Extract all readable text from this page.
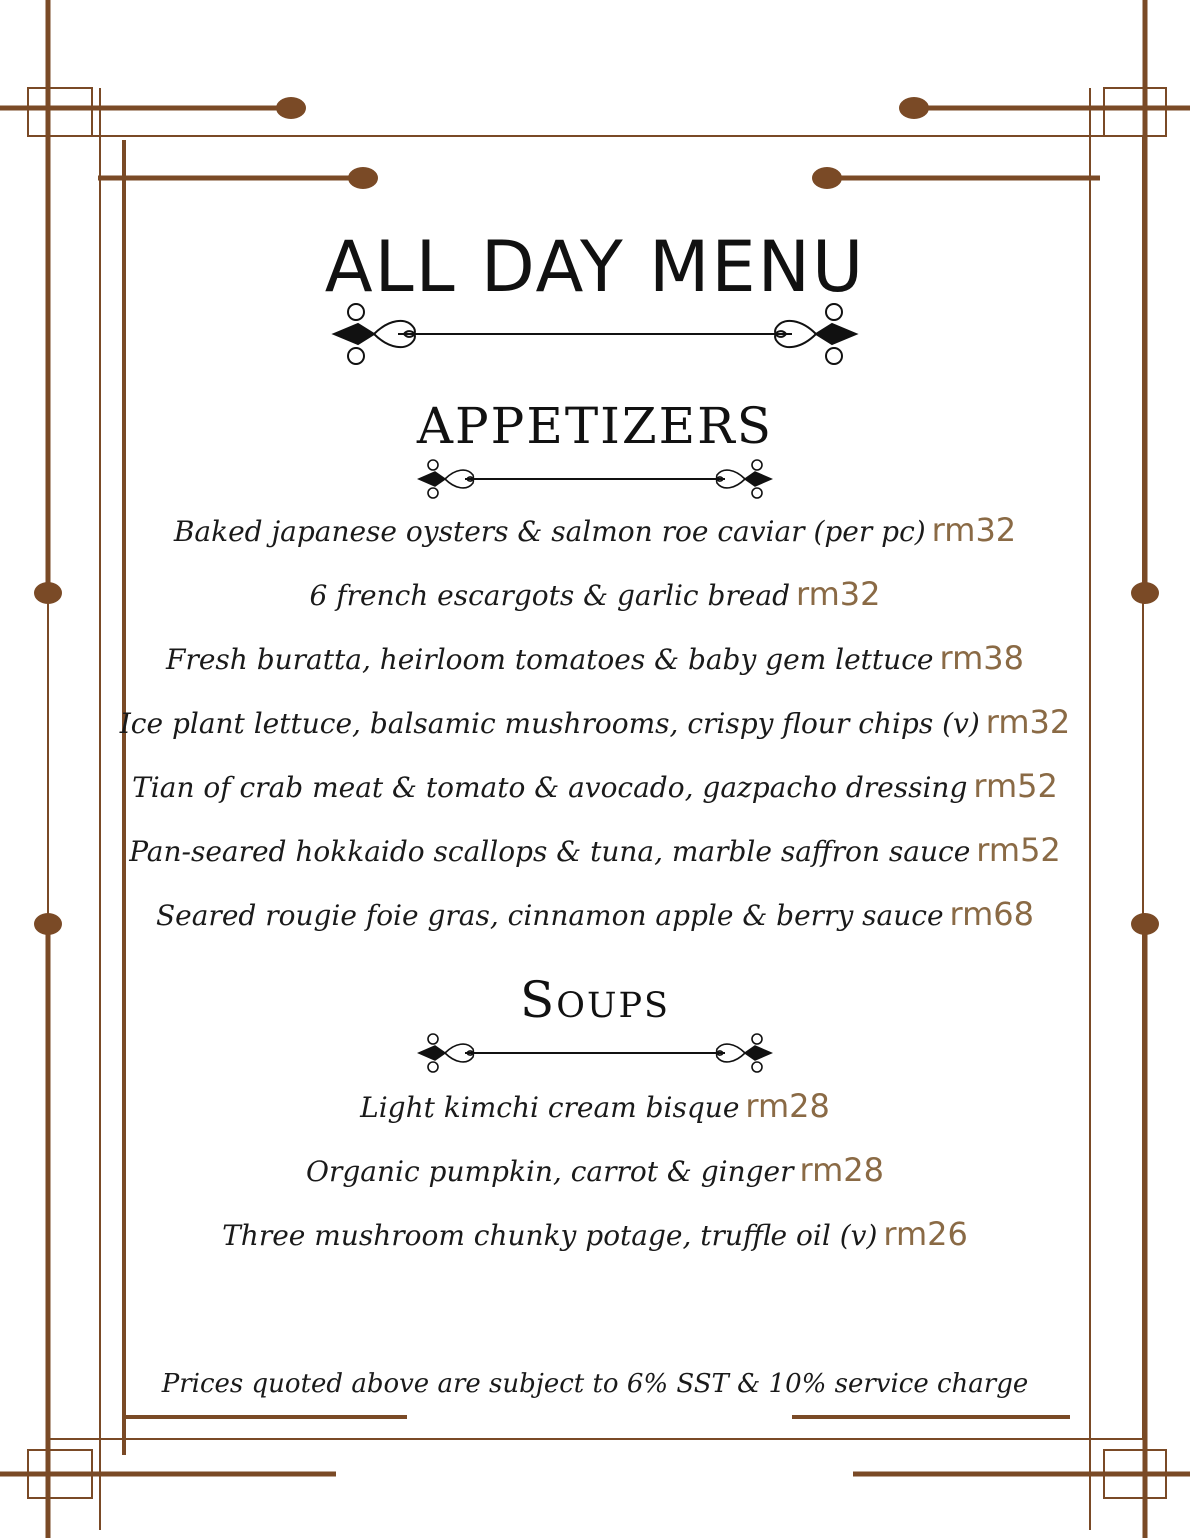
ALL DAY MENU
APPETIZERS
Baked japanese oysters & salmon roe caviar (per pc) rm32
6 french escargots & garlic bread rm32
Fresh buratta, heirloom tomatoes & baby gem lettuce rm38
Ice plant lettuce, balsamic mushrooms, crispy flour chips (v) rm32
Tian of crab meat & tomato & avocado, gazpacho dressing rm52
Pan-seared hokkaido scallops & tuna, marble saffron sauce rm52
Seared rougie foie gras, cinnamon apple & berry sauce rm68
Soups
Light kimchi cream bisque rm28
Organic pumpkin, carrot & ginger rm28
Three mushroom chunky potage, truffle oil (v) rm26
Prices quoted above are subject to 6% SST & 10% service charge
